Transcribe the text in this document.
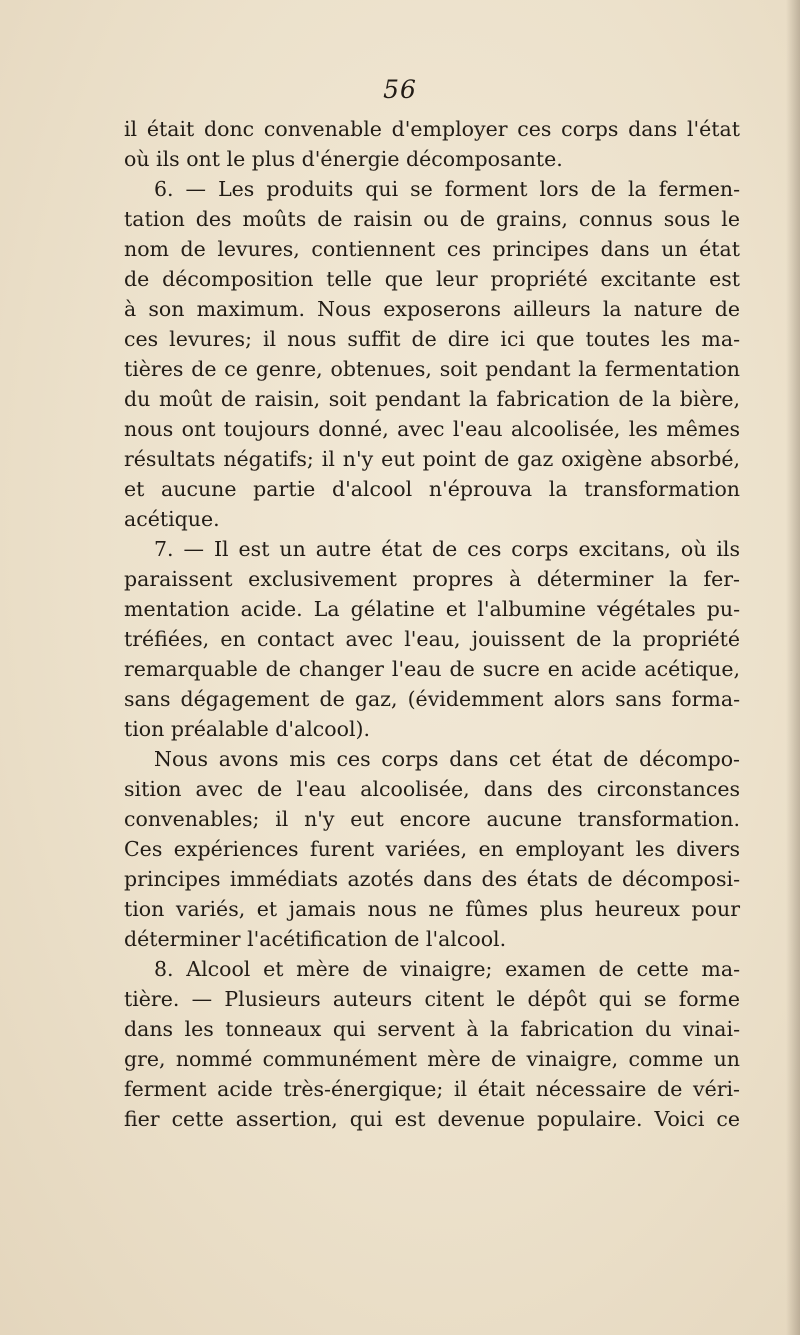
56
il était donc convenable d'employer ces corps dans l'état
où ils ont le plus d'énergie décomposante.
6. — Les produits qui se forment lors de la fermen-
tation des moûts de raisin ou de grains, connus sous le
nom de levures, contiennent ces principes dans un état
de décomposition telle que leur propriété excitante est
à son maximum. Nous exposerons ailleurs la nature de
ces levures; il nous suffit de dire ici que toutes les ma-
tières de ce genre, obtenues, soit pendant la fermentation
du moût de raisin, soit pendant la fabrication de la bière,
nous ont toujours donné, avec l'eau alcoolisée, les mêmes
résultats négatifs; il n'y eut point de gaz oxigène absorbé,
et aucune partie d'alcool n'éprouva la transformation
acétique.
7. — Il est un autre état de ces corps excitans, où ils
paraissent exclusivement propres à déterminer la fer-
mentation acide. La gélatine et l'albumine végétales pu-
tréfiées, en contact avec l'eau, jouissent de la propriété
remarquable de changer l'eau de sucre en acide acétique,
sans dégagement de gaz, (évidemment alors sans forma-
tion préalable d'alcool).
Nous avons mis ces corps dans cet état de décompo-
sition avec de l'eau alcoolisée, dans des circonstances
convenables; il n'y eut encore aucune transformation.
Ces expériences furent variées, en employant les divers
principes immédiats azotés dans des états de décomposi-
tion variés, et jamais nous ne fûmes plus heureux pour
déterminer l'acétification de l'alcool.
8. Alcool et mère de vinaigre; examen de cette ma-
tière. — Plusieurs auteurs citent le dépôt qui se forme
dans les tonneaux qui servent à la fabrication du vinai-
gre, nommé communément mère de vinaigre, comme un
ferment acide très-énergique; il était nécessaire de véri-
fier cette assertion, qui est devenue populaire. Voici ce
